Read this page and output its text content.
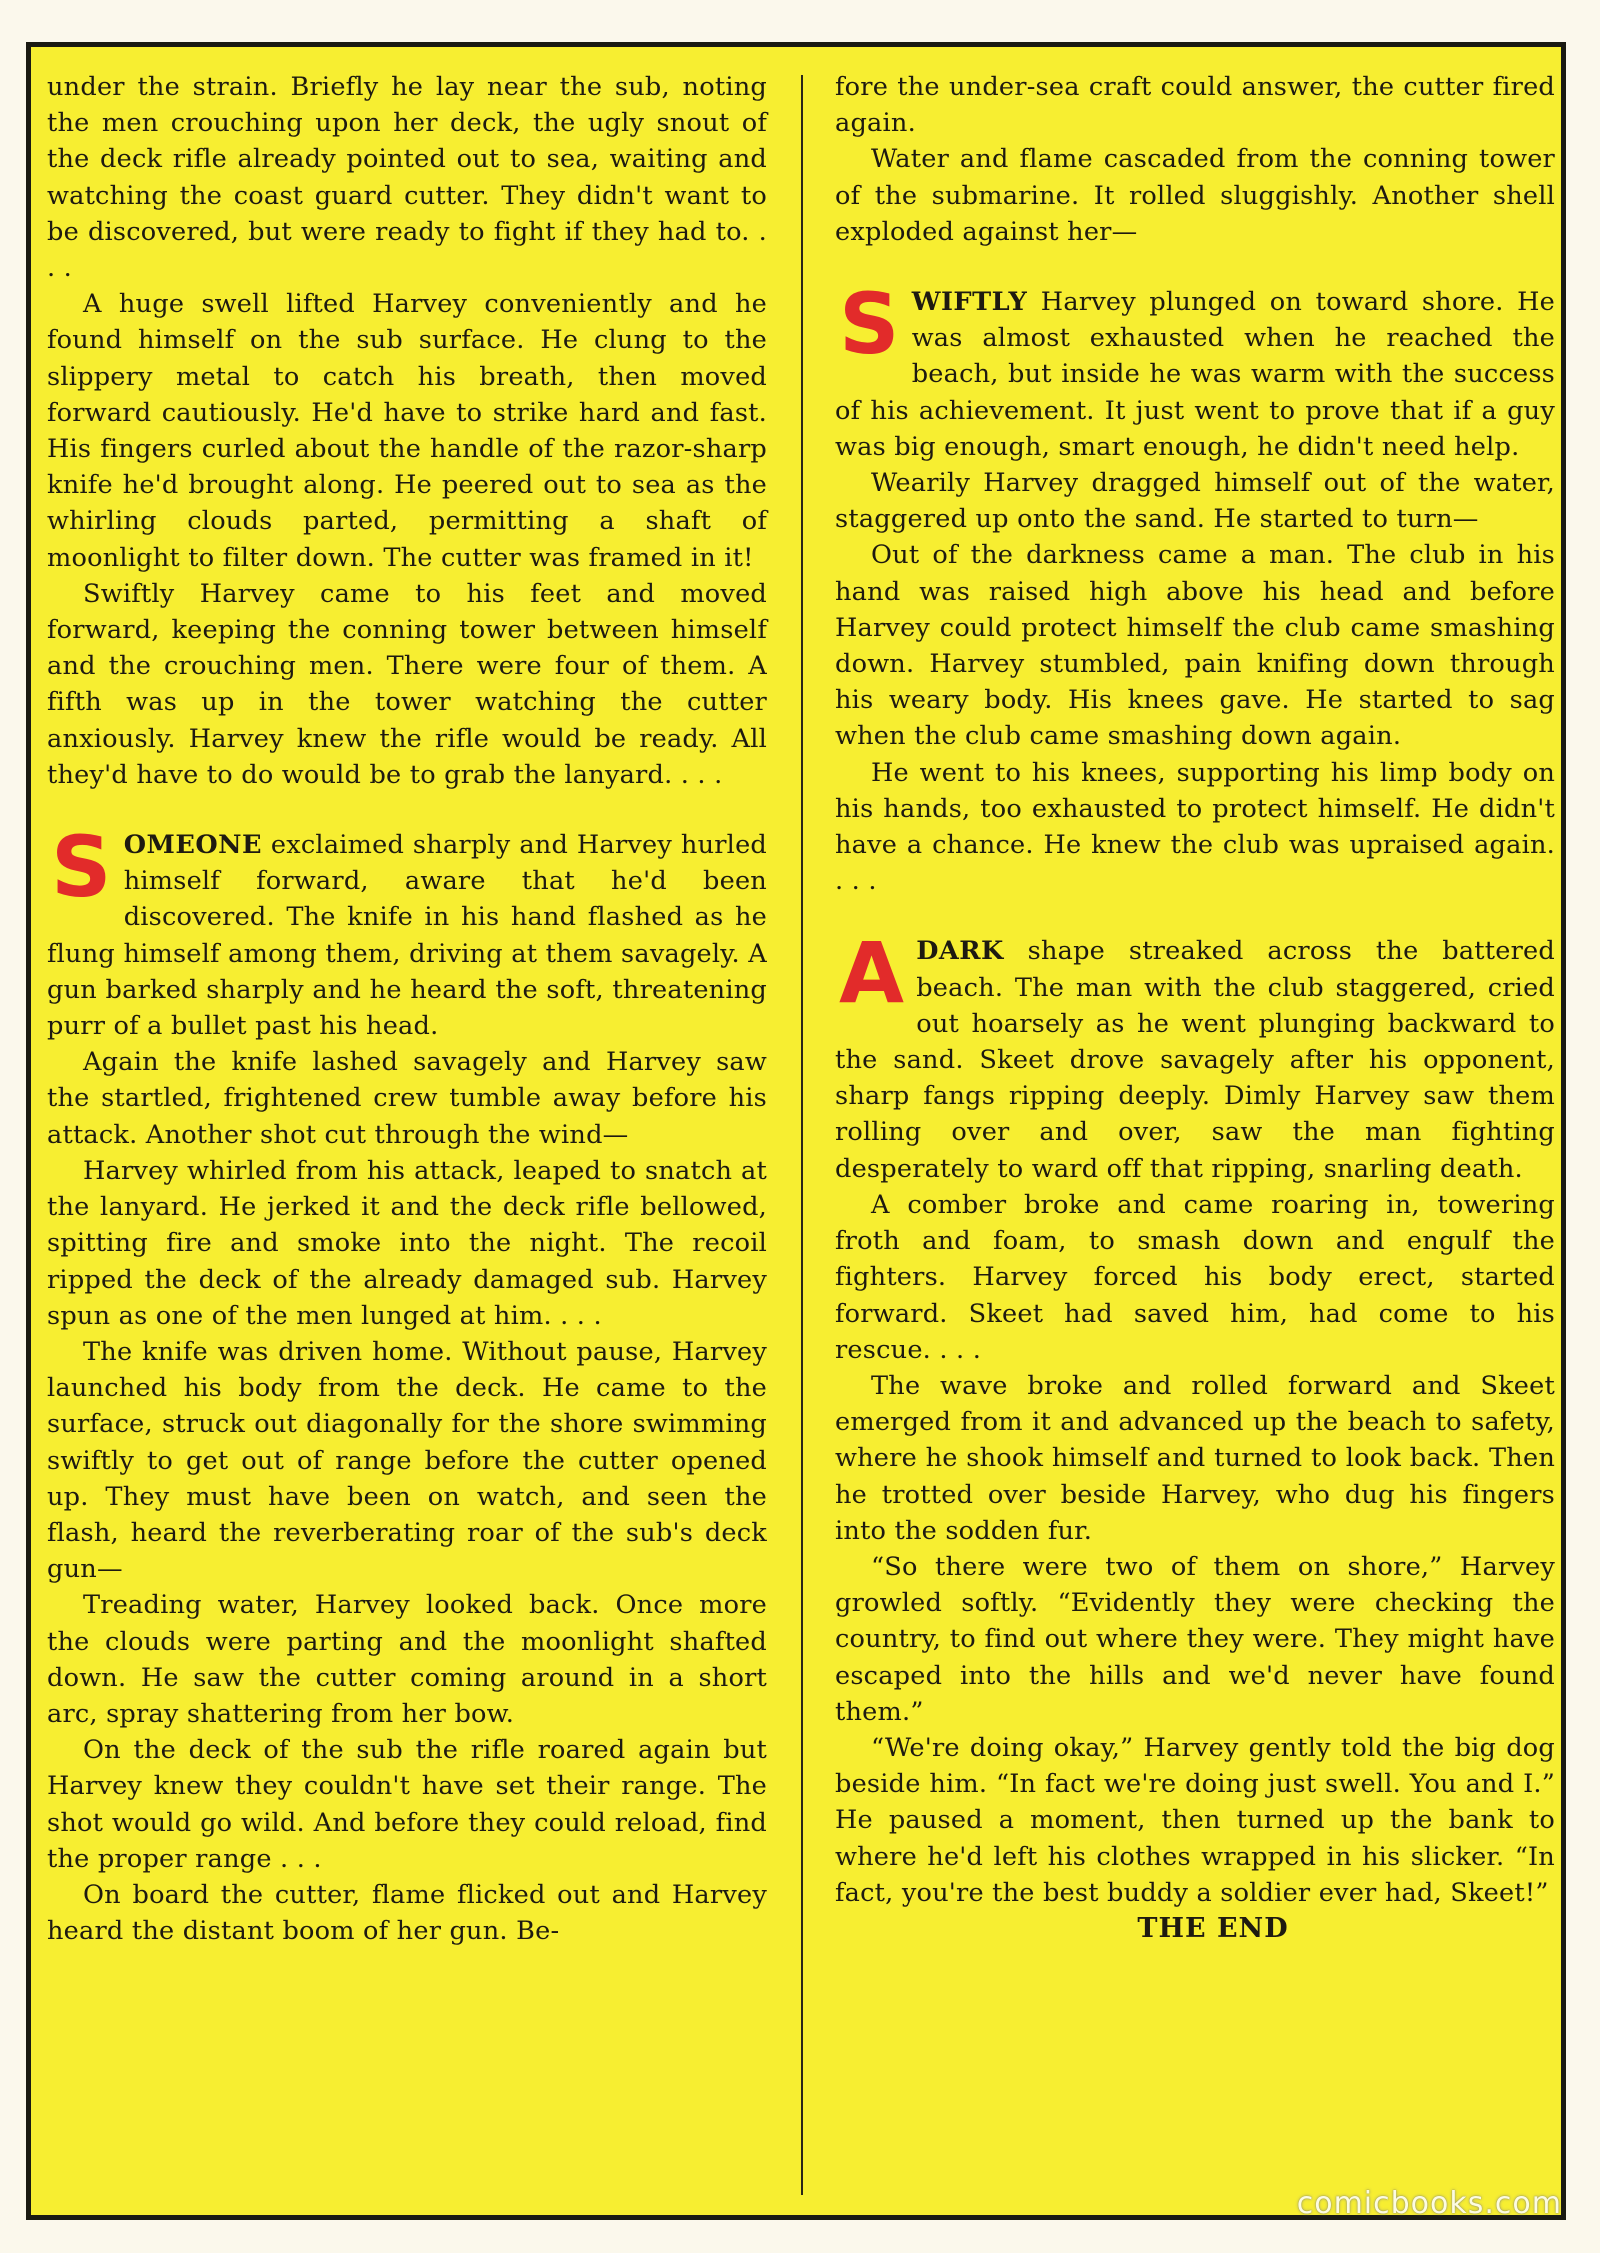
under the strain. Briefly he lay near the sub, noting the men crouching upon her deck, the ugly snout of the deck rifle already pointed out to sea, waiting and watching the coast guard cutter. They didn't want to be discovered, but were ready to fight if they had to. . . .

A huge swell lifted Harvey conveniently and he found himself on the sub surface. He clung to the slippery metal to catch his breath, then moved forward cautiously. He'd have to strike hard and fast. His fingers curled about the handle of the razor-sharp knife he'd brought along. He peered out to sea as the whirling clouds parted, permitting a shaft of moonlight to filter down. The cutter was framed in it!

Swiftly Harvey came to his feet and moved forward, keeping the conning tower between himself and the crouching men. There were four of them. A fifth was up in the tower watching the cutter anxiously. Harvey knew the rifle would be ready. All they'd have to do would be to grab the lanyard. . . .

SOMEONE exclaimed sharply and Harvey hurled himself forward, aware that he'd been discovered. The knife in his hand flashed as he flung himself among them, driving at them savagely. A gun barked sharply and he heard the soft, threatening purr of a bullet past his head.

Again the knife lashed savagely and Harvey saw the startled, frightened crew tumble away before his attack. Another shot cut through the wind—

Harvey whirled from his attack, leaped to snatch at the lanyard. He jerked it and the deck rifle bellowed, spitting fire and smoke into the night. The recoil ripped the deck of the already damaged sub. Harvey spun as one of the men lunged at him. . . .

The knife was driven home. Without pause, Harvey launched his body from the deck. He came to the surface, struck out diagonally for the shore swimming swiftly to get out of range before the cutter opened up. They must have been on watch, and seen the flash, heard the reverberating roar of the sub's deck gun—

Treading water, Harvey looked back. Once more the clouds were parting and the moonlight shafted down. He saw the cutter coming around in a short arc, spray shattering from her bow.

On the deck of the sub the rifle roared again but Harvey knew they couldn't have set their range. The shot would go wild. And before they could reload, find the proper range . . .

On board the cutter, flame flicked out and Harvey heard the distant boom of her gun. Be-

fore the under-sea craft could answer, the cutter fired again.

Water and flame cascaded from the conning tower of the submarine. It rolled sluggishly. Another shell exploded against her—

SWIFTLY Harvey plunged on toward shore. He was almost exhausted when he reached the beach, but inside he was warm with the success of his achievement. It just went to prove that if a guy was big enough, smart enough, he didn't need help.

Wearily Harvey dragged himself out of the water, staggered up onto the sand. He started to turn—

Out of the darkness came a man. The club in his hand was raised high above his head and before Harvey could protect himself the club came smashing down. Harvey stumbled, pain knifing down through his weary body. His knees gave. He started to sag when the club came smashing down again.

He went to his knees, supporting his limp body on his hands, too exhausted to protect himself. He didn't have a chance. He knew the club was upraised again. . . .

ADARK shape streaked across the battered beach. The man with the club staggered, cried out hoarsely as he went plunging backward to the sand. Skeet drove savagely after his opponent, sharp fangs ripping deeply. Dimly Harvey saw them rolling over and over, saw the man fighting desperately to ward off that ripping, snarling death.

A comber broke and came roaring in, towering froth and foam, to smash down and engulf the fighters. Harvey forced his body erect, started forward. Skeet had saved him, had come to his rescue. . . .

The wave broke and rolled forward and Skeet emerged from it and advanced up the beach to safety, where he shook himself and turned to look back. Then he trotted over beside Harvey, who dug his fingers into the sodden fur.

“So there were two of them on shore,” Harvey growled softly. “Evidently they were checking the country, to find out where they were. They might have escaped into the hills and we'd never have found them.”

“We're doing okay,” Harvey gently told the big dog beside him. “In fact we're doing just swell. You and I.” He paused a moment, then turned up the bank to where he'd left his clothes wrapped in his slicker. “In fact, you're the best buddy a soldier ever had, Skeet!”

THE END

comicbooks.com
